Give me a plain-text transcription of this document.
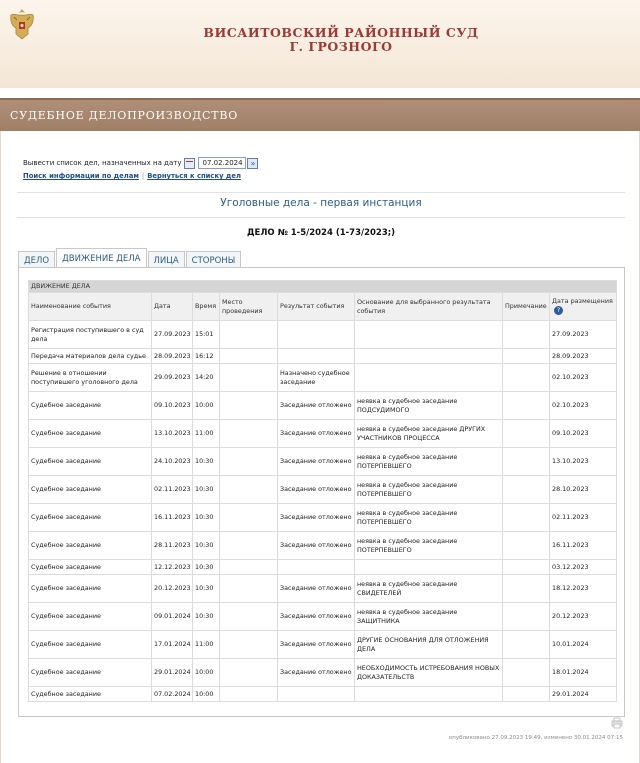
ВИСАИТОВСКИЙ РАЙОННЫЙ СУД
Г. ГРОЗНОГО
СУДЕБНОЕ ДЕЛОПРОИЗВОДСТВО
Вывести список дел, назначенных на дату	07.02.2024 »
Поиск информации по делам | Вернуться к списку дел
Уголовные дела - первая инстанция
ДЕЛО № 1-5/2024 (1-73/2023;)
ДЕЛО	ДВИЖЕНИЕ ДЕЛА	ЛИЦА	СТОРОНЫ
ДВИЖЕНИЕ ДЕЛА							
Наименование события	Дата	Время	Место проведения	Результат события	Основание для выбранного результата события	Примечание	Дата размещения?
Регистрация поступившего в суд дела	27.09.2023	15:01					27.09.2023
Передача материалов дела судье	28.09.2023	16:12					28.09.2023
Решение в отношении поступившего уголовного дела	29.09.2023	14:20		Назначено судебное заседание			02.10.2023
Судебное заседание	09.10.2023	10:00		Заседание отложено	неявка в судебное заседание ПОДСУДИМОГО		02.10.2023
Судебное заседание	13.10.2023	11:00		Заседание отложено	неявка в судебное заседание ДРУГИХ УЧАСТНИКОВ ПРОЦЕССА		09.10.2023
Судебное заседание	24.10.2023	10:30		Заседание отложено	неявка в судебное заседание ПОТЕРПЕВШЕГО		13.10.2023
Судебное заседание	02.11.2023	10:30		Заседание отложено	неявка в судебное заседание ПОТЕРПЕВШЕГО		28.10.2023
Судебное заседание	16.11.2023	10:30		Заседание отложено	неявка в судебное заседание ПОТЕРПЕВШЕГО		02.11.2023
Судебное заседание	28.11.2023	10:30		Заседание отложено	неявка в судебное заседание ПОТЕРПЕВШЕГО		16.11.2023
Судебное заседание	12.12.2023	10:30					03.12.2023
Судебное заседание	20.12.2023	10:30		Заседание отложено	неявка в судебное заседание СВИДЕТЕЛЕЙ		18.12.2023
Судебное заседание	09.01.2024	10:30		Заседание отложено	неявка в судебное заседание ЗАЩИТНИКА		20.12.2023
Судебное заседание	17.01.2024	11:00		Заседание отложено	ДРУГИЕ ОСНОВАНИЯ ДЛЯ ОТЛОЖЕНИЯ ДЕЛА		10.01.2024
Судебное заседание	29.01.2024	10:00		Заседание отложено	НЕОБХОДИМОСТЬ ИСТРЕБОВАНИЯ НОВЫХ ДОКАЗАТЕЛЬСТВ		18.01.2024
Судебное заседание	07.02.2024	10:00					29.01.2024
опубликовано 27.09.2023 19:49, изменено 30.01.2024 07:15
